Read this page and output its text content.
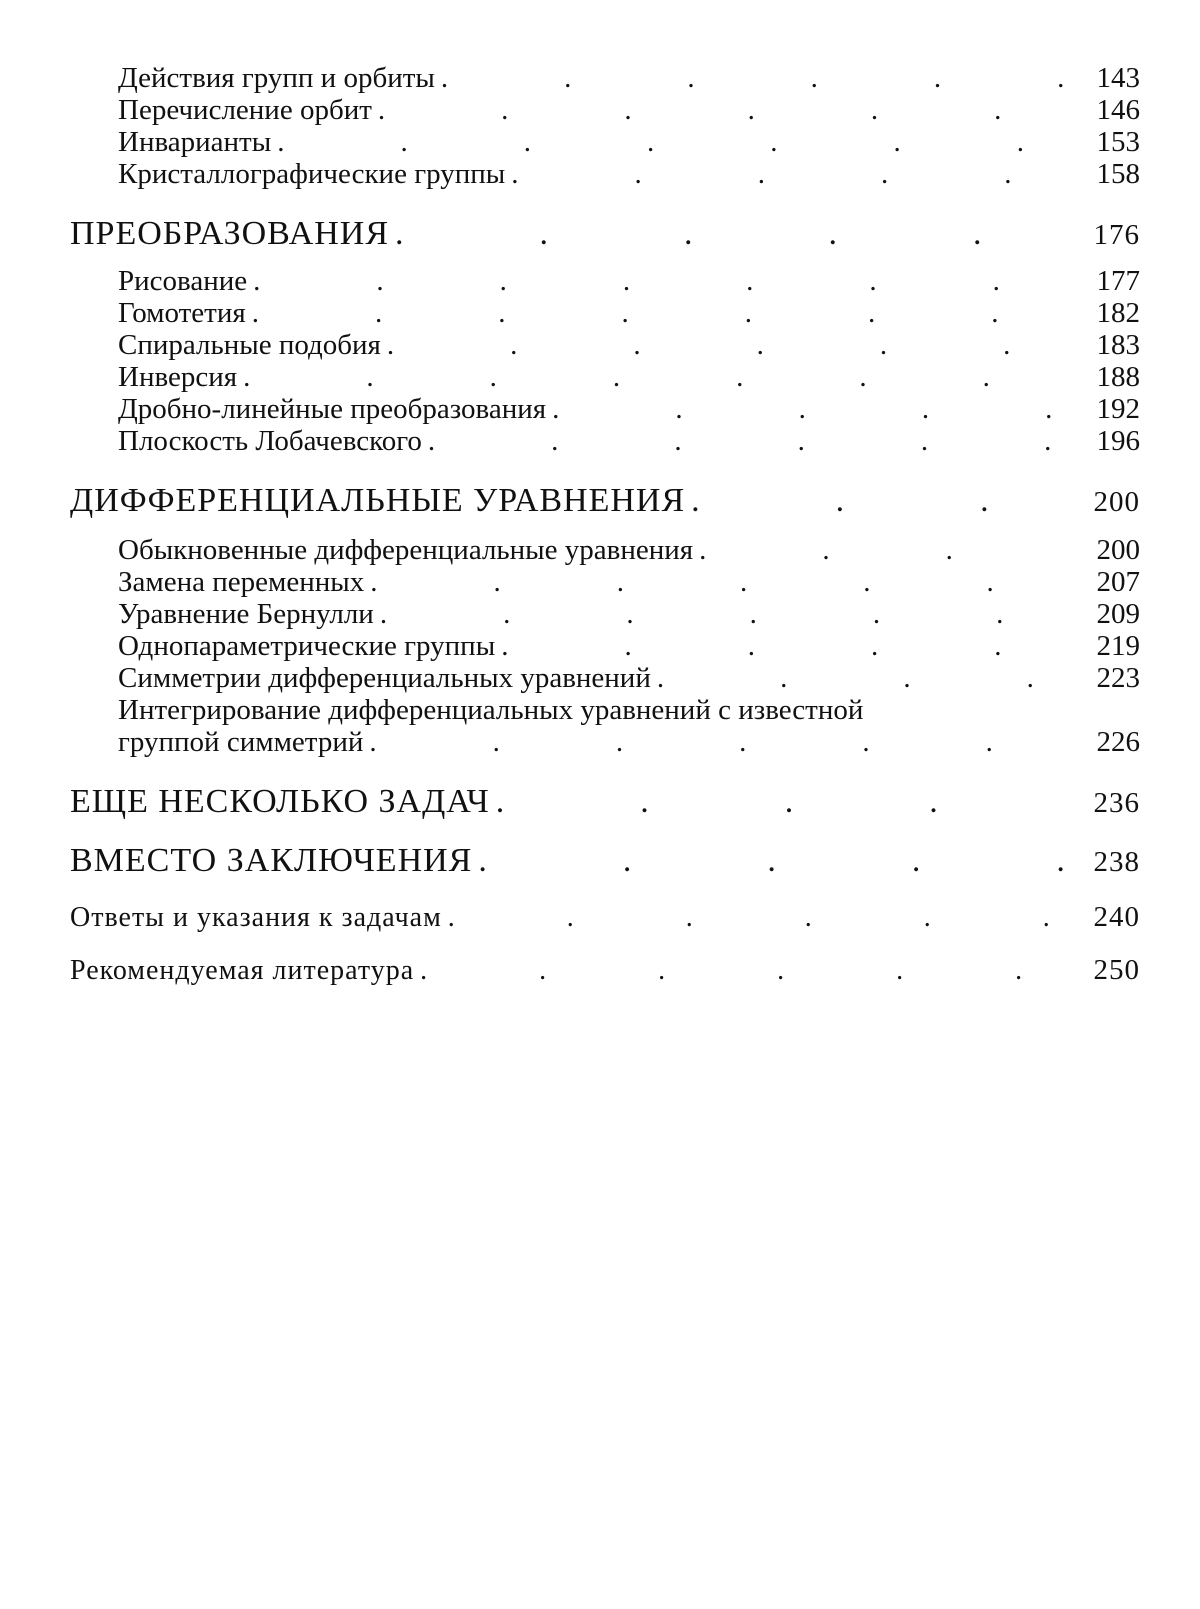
Действия групп и орбиты .	143
Перечисление орбит .	146
Инварианты .	153
Кристаллографические группы .	158
ПРЕОБРАЗОВАНИЯ .	176
Рисование .	177
Гомотетия .	182
Спиральные подобия .	183
Инверсия .	188
Дробно-линейные преобразования .	192
Плоскость Лобачевского .	196
ДИФФЕРЕНЦИАЛЬНЫЕ УРАВНЕНИЯ .	200
Обыкновенные дифференциальные уравнения .	200
Замена переменных .	207
Уравнение Бернулли .	209
Однопараметрические группы .	219
Симметрии дифференциальных уравнений .	223
Интегрирование дифференциальных уравнений с известной
группой симметрий .	226
ЕЩЕ НЕСКОЛЬКО ЗАДАЧ .	236
ВМЕСТО ЗАКЛЮЧЕНИЯ .	238
Ответы и указания к задачам .	240
Рекомендуемая литература .	250
